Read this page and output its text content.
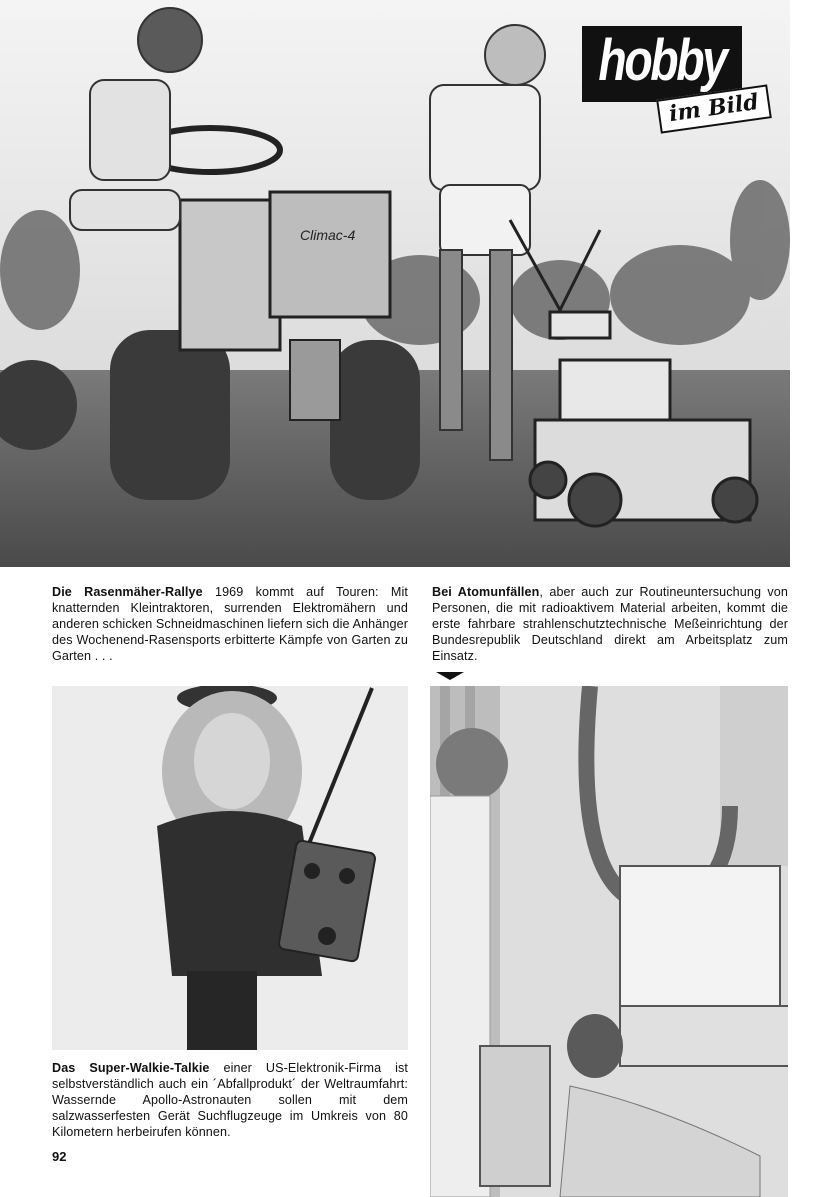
Climac-4
hobby
im Bild
Die Rasenmäher-Rallye 1969 kommt auf Touren: Mit knatternden Kleintraktoren, surrenden Elektromähern und anderen schicken Schneidmaschinen liefern sich die Anhänger des Wochenend-Rasensports erbitterte Kämpfe von Garten zu Garten . . .
Bei Atomunfällen, aber auch zur Routineuntersuchung von Personen, die mit radioaktivem Material arbeiten, kommt die erste fahrbare strahlenschutztechnische Meßeinrichtung der Bundesrepublik Deutschland direkt am Arbeitsplatz zum Einsatz.
Das Super-Walkie-Talkie einer US-Elektronik-Firma ist selbstverständlich auch ein ´Abfallprodukt´ der Weltraumfahrt: Wassernde Apollo-Astronauten sollen mit dem salzwasserfesten Gerät Suchflugzeuge im Umkreis von 80 Kilometern herbeirufen können.
92
